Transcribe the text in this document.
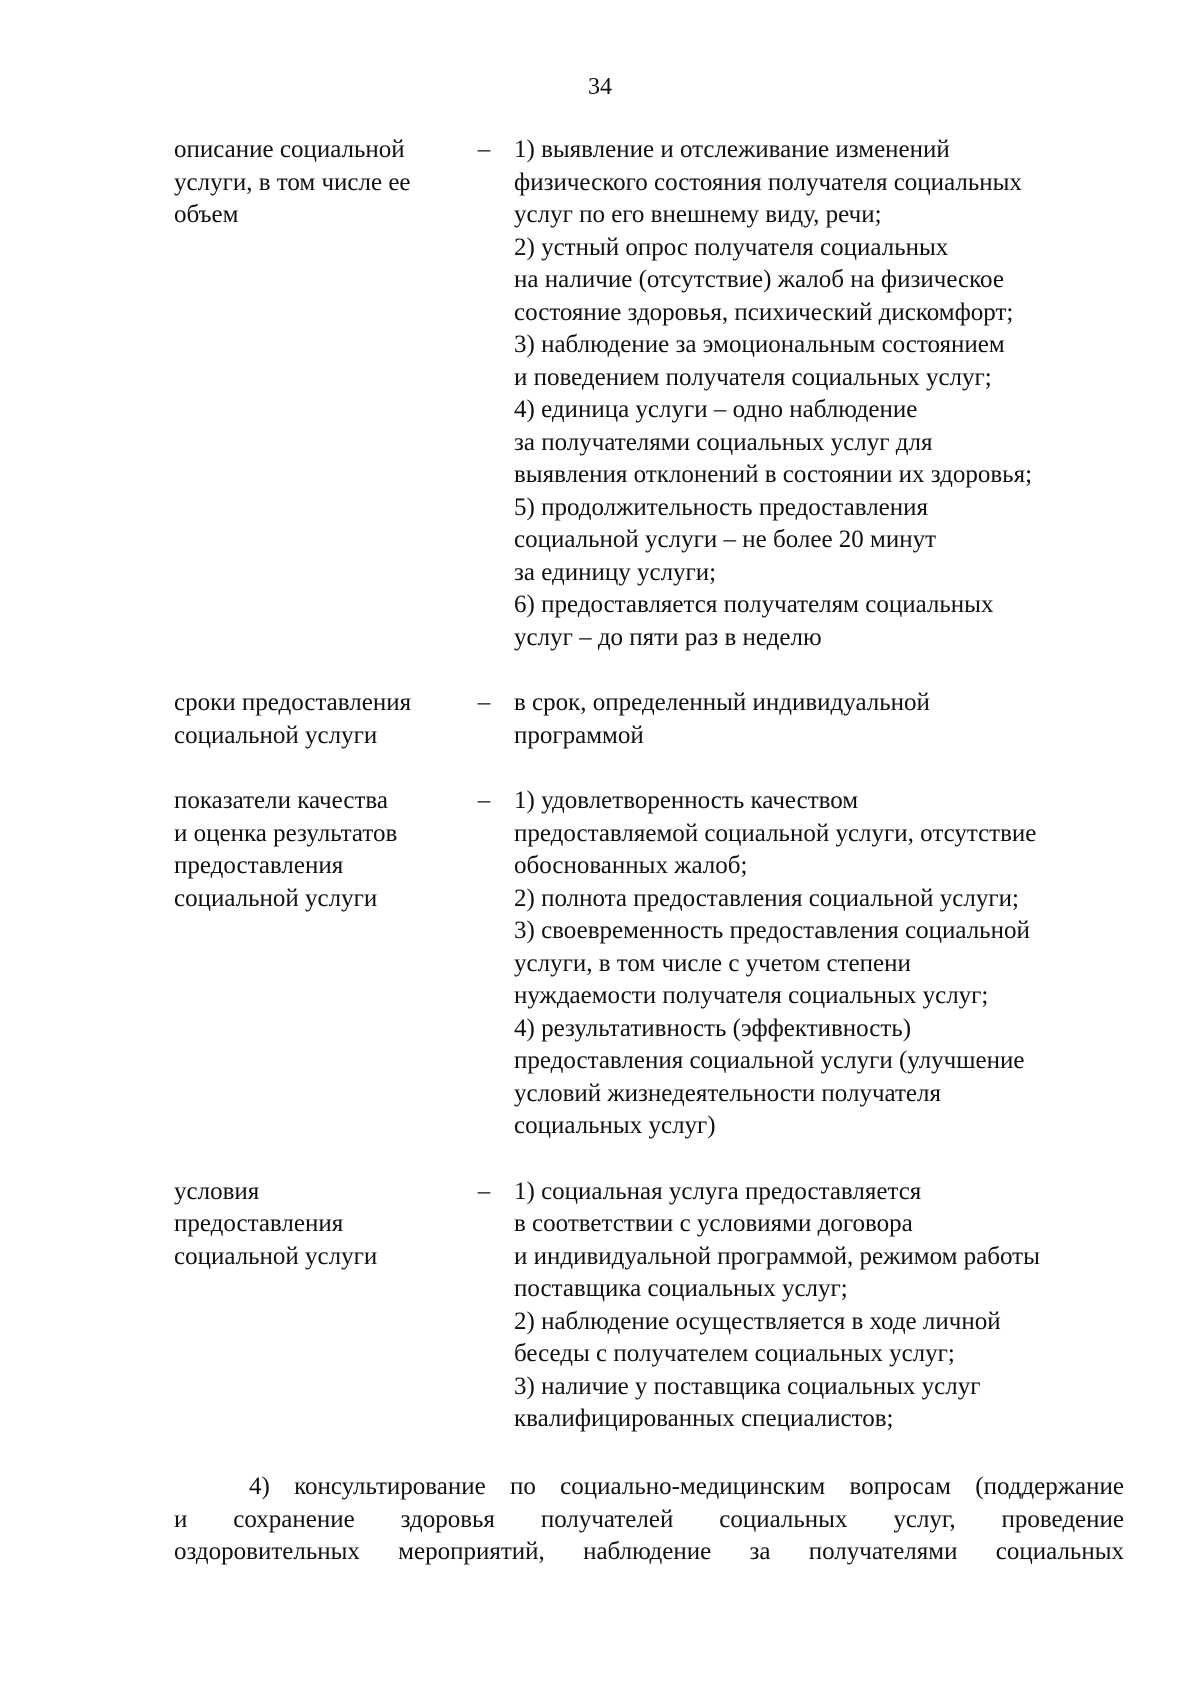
34
описание социальной
услуги, в том числе ее
объем
– 1) выявление и отслеживание изменений
физического состояния получателя социальных
услуг по его внешнему виду, речи;
2) устный опрос получателя социальных
на наличие (отсутствие) жалоб на физическое
состояние здоровья, психический дискомфорт;
3) наблюдение за эмоциональным состоянием
и поведением получателя социальных услуг;
4) единица услуги – одно наблюдение
за получателями социальных услуг для
выявления отклонений в состоянии их здоровья;
5) продолжительность предоставления
социальной услуги – не более 20 минут
за единицу услуги;
6) предоставляется получателям социальных
услуг – до пяти раз в неделю
сроки предоставления
социальной услуги
– в срок, определенный индивидуальной
программой
показатели качества
и оценка результатов
предоставления
социальной услуги
– 1) удовлетворенность качеством
предоставляемой социальной услуги, отсутствие
обоснованных жалоб;
2) полнота предоставления социальной услуги;
3) своевременность предоставления социальной
услуги, в том числе с учетом степени
нуждаемости получателя социальных услуг;
4) результативность (эффективность)
предоставления социальной услуги (улучшение
условий жизнедеятельности получателя
социальных услуг)
условия
предоставления
социальной услуги
– 1) социальная услуга предоставляется
в соответствии с условиями договора
и индивидуальной программой, режимом работы
поставщика социальных услуг;
2) наблюдение осуществляется в ходе личной
беседы с получателем социальных услуг;
3) наличие у поставщика социальных услуг
квалифицированных специалистов;
4) консультирование по социально-медицинским вопросам (поддержание
и сохранение здоровья получателей социальных услуг, проведение
оздоровительных мероприятий, наблюдение за получателями социальных
